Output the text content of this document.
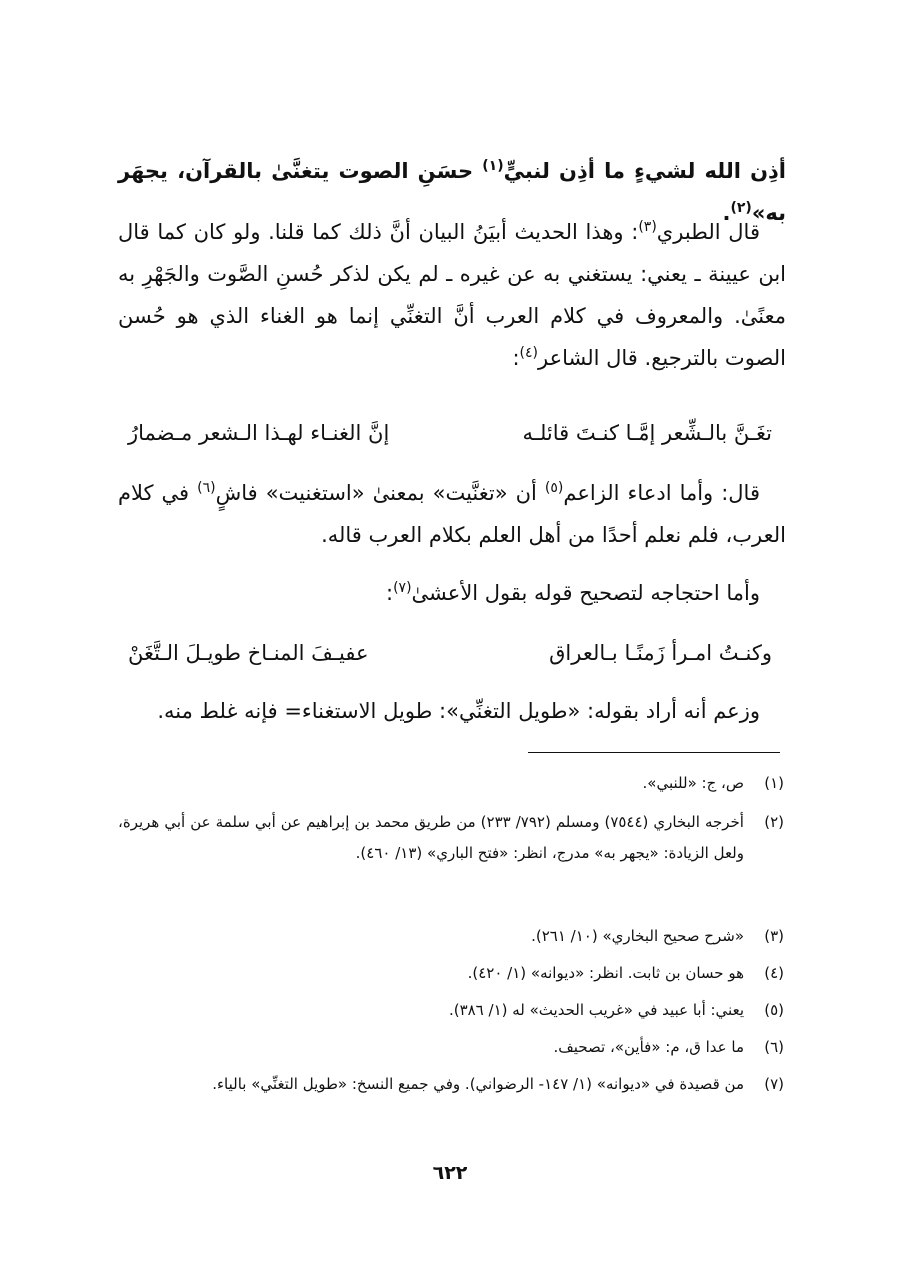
أذِن الله لشيءٍ ما أذِن لنبيٍّ$^{(١)}$ حسَنِ الصوت يتغنَّىٰ بالقرآن، يجهَر به»$^{(٢)}$.
قال الطبري$^{(٣)}$: وهذا الحديث أبيَنُ البيان أنَّ ذلك كما قلنا. ولو كان كما قال ابن عيينة ـ يعني: يستغني به عن غيره ـ لم يكن لذكر حُسنِ الصَّوت والجَهْرِ به معنًىٰ. والمعروف في كلام العرب أنَّ التغنِّي إنما هو الغناء الذي هو حُسن الصوت بالترجيع. قال الشاعر$^{(٤)}$:
قال: وأما ادعاء الزاعم$^{(٥)}$ أن «تغنَّيت» بمعنىٰ «استغنيت» فاشٍ$^{(٦)}$ في كلام العرب، فلم نعلم أحدًا من أهل العلم بكلام العرب قاله.
وأما احتجاجه لتصحيح قوله بقول الأعشىٰ$^{(٧)}$:
وزعم أنه أراد بقوله: «طويل التغنِّي»: طويل الاستغناء= فإنه غلط منه.
تغَـنَّ بالـشِّعر إمَّـا كنـتَ قائلـه
إنَّ الغنـاء لهـذا الـشعر مـضمارُ
وكنـتُ امـرأ زَمنًـا بـالعراق
عفيـفَ المنـاخ طويـلَ الـتَّغَنْ
(١)
ص، ج: «للنبي».
(٢)
أخرجه البخاري (٧٥٤٤) ومسلم (٧٩٢/ ٢٣٣) من طريق محمد بن إبراهيم عن أبي سلمة عن أبي هريرة، ولعل الزيادة: «يجهر به» مدرج، انظر: «فتح الباري» (١٣/ ٤٦٠).
(٣)
«شرح صحيح البخاري» (١٠/ ٢٦١).
(٤)
هو حسان بن ثابت. انظر: «ديوانه» (١/ ٤٢٠).
(٥)
يعني: أبا عبيد في «غريب الحديث» له (١/ ٣٨٦).
(٦)
ما عدا ق، م: «فأين»، تصحيف.
(٧)
من قصيدة في «ديوانه» (١/ ١٤٧- الرضواني). وفي جميع النسخ: «طويل التغنِّي» بالياء.
٦٢٢
